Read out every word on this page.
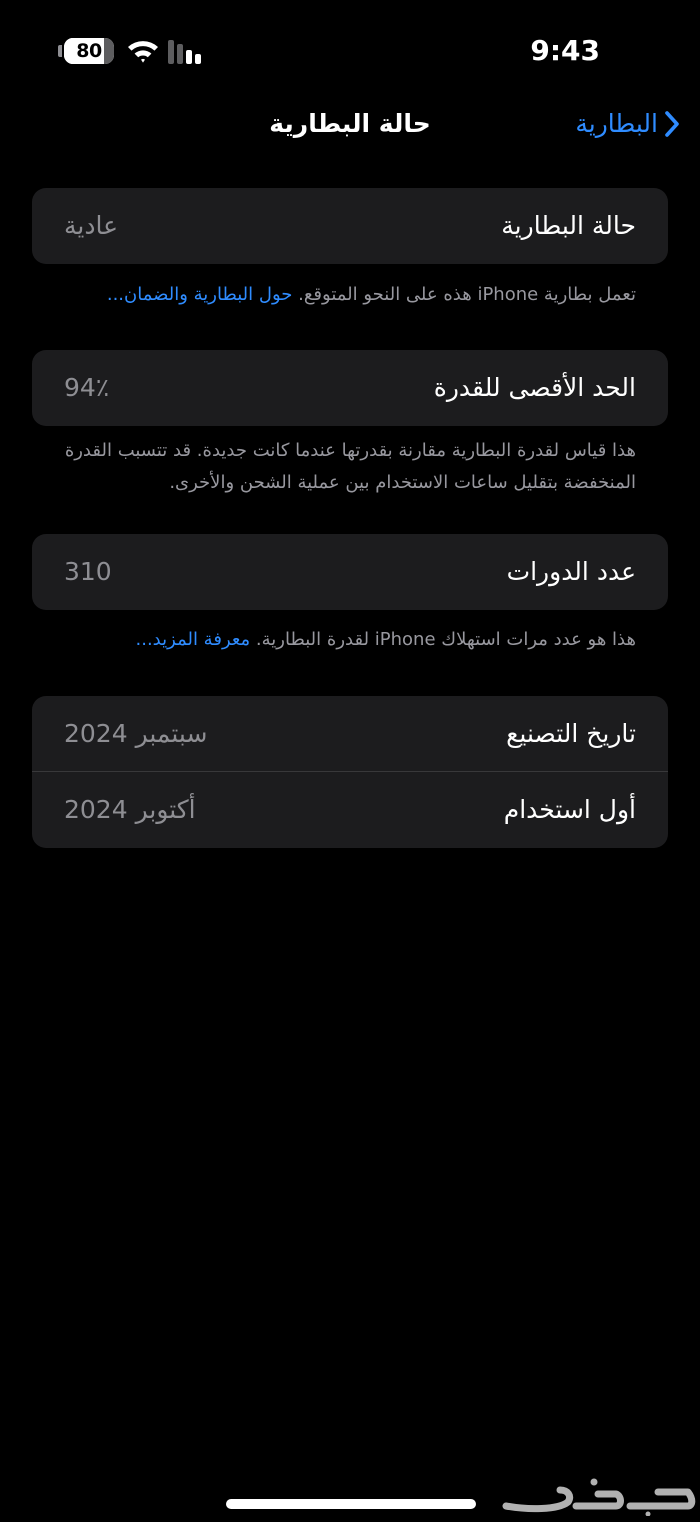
80	9:43
حالة البطارية	البطارية
حالة البطارية
عادية
تعمل بطارية iPhone هذه على النحو المتوقع. حول البطارية والضمان...
الحد الأقصى للقدرة
94٪
هذا قياس لقدرة البطارية مقارنة بقدرتها عندما كانت جديدة. قد تتسبب القدرة المنخفضة بتقليل ساعات الاستخدام بين عملية الشحن والأخرى.
عدد الدورات
310
هذا هو عدد مرات استهلاك iPhone لقدرة البطارية. معرفة المزيد...
تاريخ التصنيع
سبتمبر 2024
أول استخدام
أكتوبر 2024
